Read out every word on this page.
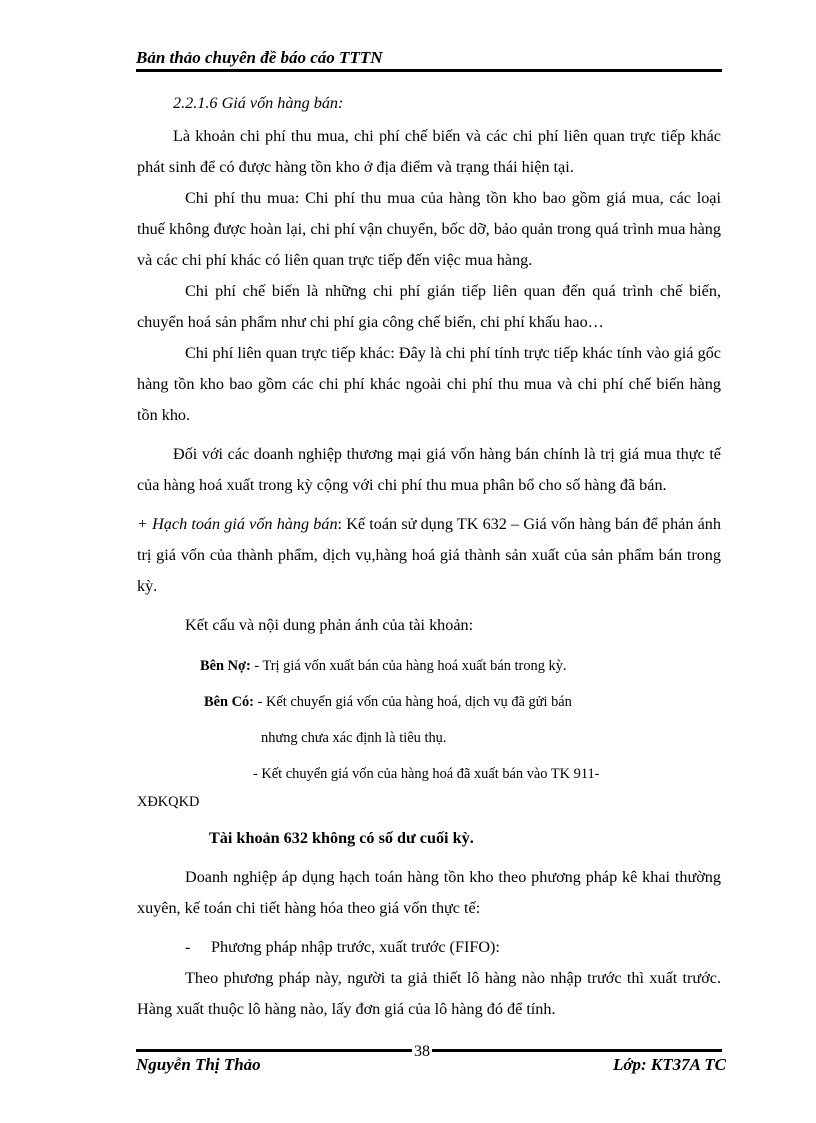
Bản thảo chuyên đề báo cáo TTTN

2.2.1.6 Giá vốn hàng bán:

Là khoản chi phí thu mua, chi phí chế biến và các chi phí liên quan trực tiếp khác phát sinh để có được hàng tồn kho ở địa điểm và trạng thái hiện tại.

Chi phí thu mua: Chi phí thu mua của hàng tồn kho bao gồm giá mua, các loại thuế không được hoàn lại, chi phí vận chuyển, bốc dỡ, bảo quản trong quá trình mua hàng và các chi phí khác có liên quan trực tiếp đến việc mua hàng.

Chi phí chế biến là những chi phí gián tiếp liên quan đến quá trình chế biến, chuyển hoá sản phẩm như chi phí gia công chế biến, chi phí khấu hao…

Chi phí liên quan trực tiếp khác: Đây là chi phí tính trực tiếp khác tính vào giá gốc hàng tồn kho bao gồm các chi phí khác ngoài chi phí thu mua và chi phí chế biến hàng tồn kho.

Đối với các doanh nghiệp thương mại giá vốn hàng bán chính là trị giá mua thực tế của hàng hoá xuất trong kỳ cộng với chi phí thu mua phân bổ cho số hàng đã bán.

+ Hạch toán giá vốn hàng bán: Kế toán sử dụng TK 632 – Giá vốn hàng bán để phản ánh trị giá vốn của thành phẩm, dịch vụ,hàng hoá giá thành sản xuất của sản phẩm bán trong kỳ.

Kết cấu và nội dung phản ánh của tài khoản:

Bên Nợ: - Trị giá vốn xuất bán của hàng hoá xuất bán trong kỳ.

Bên Có: - Kết chuyển giá vốn của hàng hoá, dịch vụ đã gửi bán

nhưng chưa xác định là tiêu thụ.

- Kết chuyển giá vốn của hàng hoá đã xuất bán vào TK 911-

XĐKQKD

Tài khoản 632 không có số dư cuối kỳ.

Doanh nghiệp áp dụng hạch toán hàng tồn kho theo phương pháp kê khai thường xuyên, kế toán chi tiết hàng hóa theo giá vốn thực tế:

- Phương pháp nhập trước, xuất trước (FIFO):

Theo phương pháp này, người ta giả thiết lô hàng nào nhập trước thì xuất trước. Hàng xuất thuộc lô hàng nào, lấy đơn giá của lô hàng đó để tính.

38
Nguyễn Thị Thảo	Lớp: KT37A TC
